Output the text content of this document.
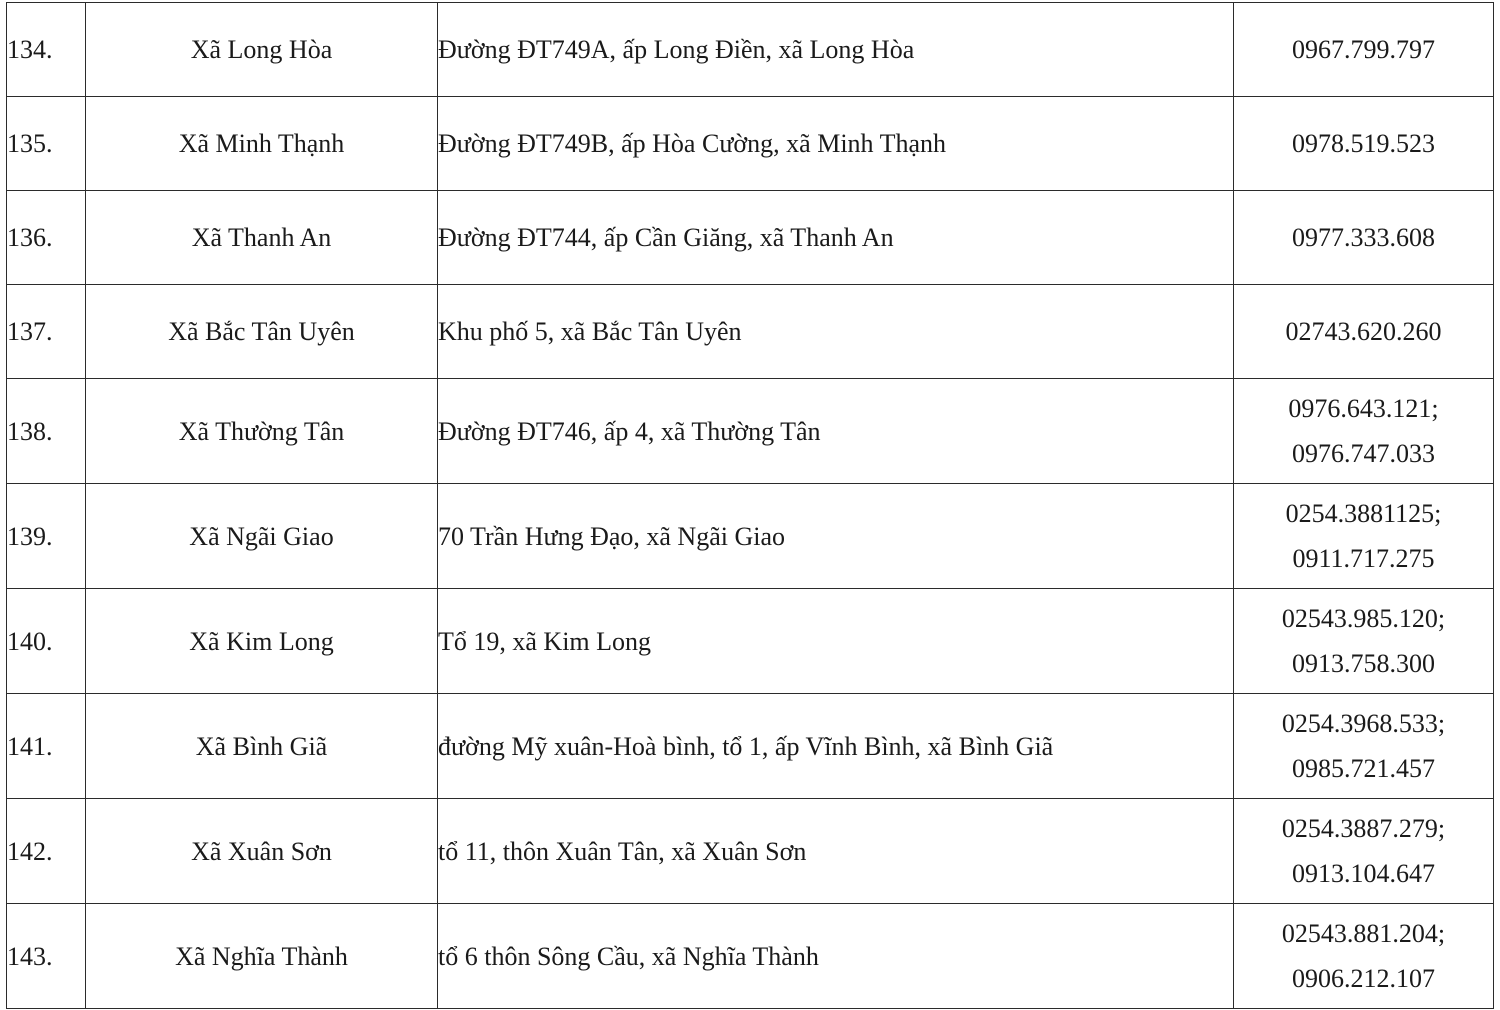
134.	Xã Long Hòa	Đường ĐT749A, ấp Long Điền, xã Long Hòa	0967.799.797

135.	Xã Minh Thạnh	Đường ĐT749B, ấp Hòa Cường, xã Minh Thạnh	0978.519.523

136.	Xã Thanh An	Đường ĐT744, ấp Cần Giăng, xã Thanh An	0977.333.608

137.	Xã Bắc Tân Uyên	Khu phố 5, xã Bắc Tân Uyên	02743.620.260

138.	Xã Thường Tân	Đường ĐT746, ấp 4, xã Thường Tân	0976.643.121;
0976.747.033

139.	Xã Ngãi Giao	70 Trần Hưng Đạo, xã Ngãi Giao	0254.3881125;
0911.717.275

140.	Xã Kim Long	Tổ 19, xã Kim Long	02543.985.120;
0913.758.300

141.	Xã Bình Giã	đường Mỹ xuân-Hoà bình, tổ 1, ấp Vĩnh Bình, xã Bình Giã	0254.3968.533;
0985.721.457

142.	Xã Xuân Sơn	tổ 11, thôn Xuân Tân, xã Xuân Sơn	0254.3887.279;
0913.104.647

143.	Xã Nghĩa Thành	tổ 6 thôn Sông Cầu, xã Nghĩa Thành	02543.881.204;
0906.212.107
